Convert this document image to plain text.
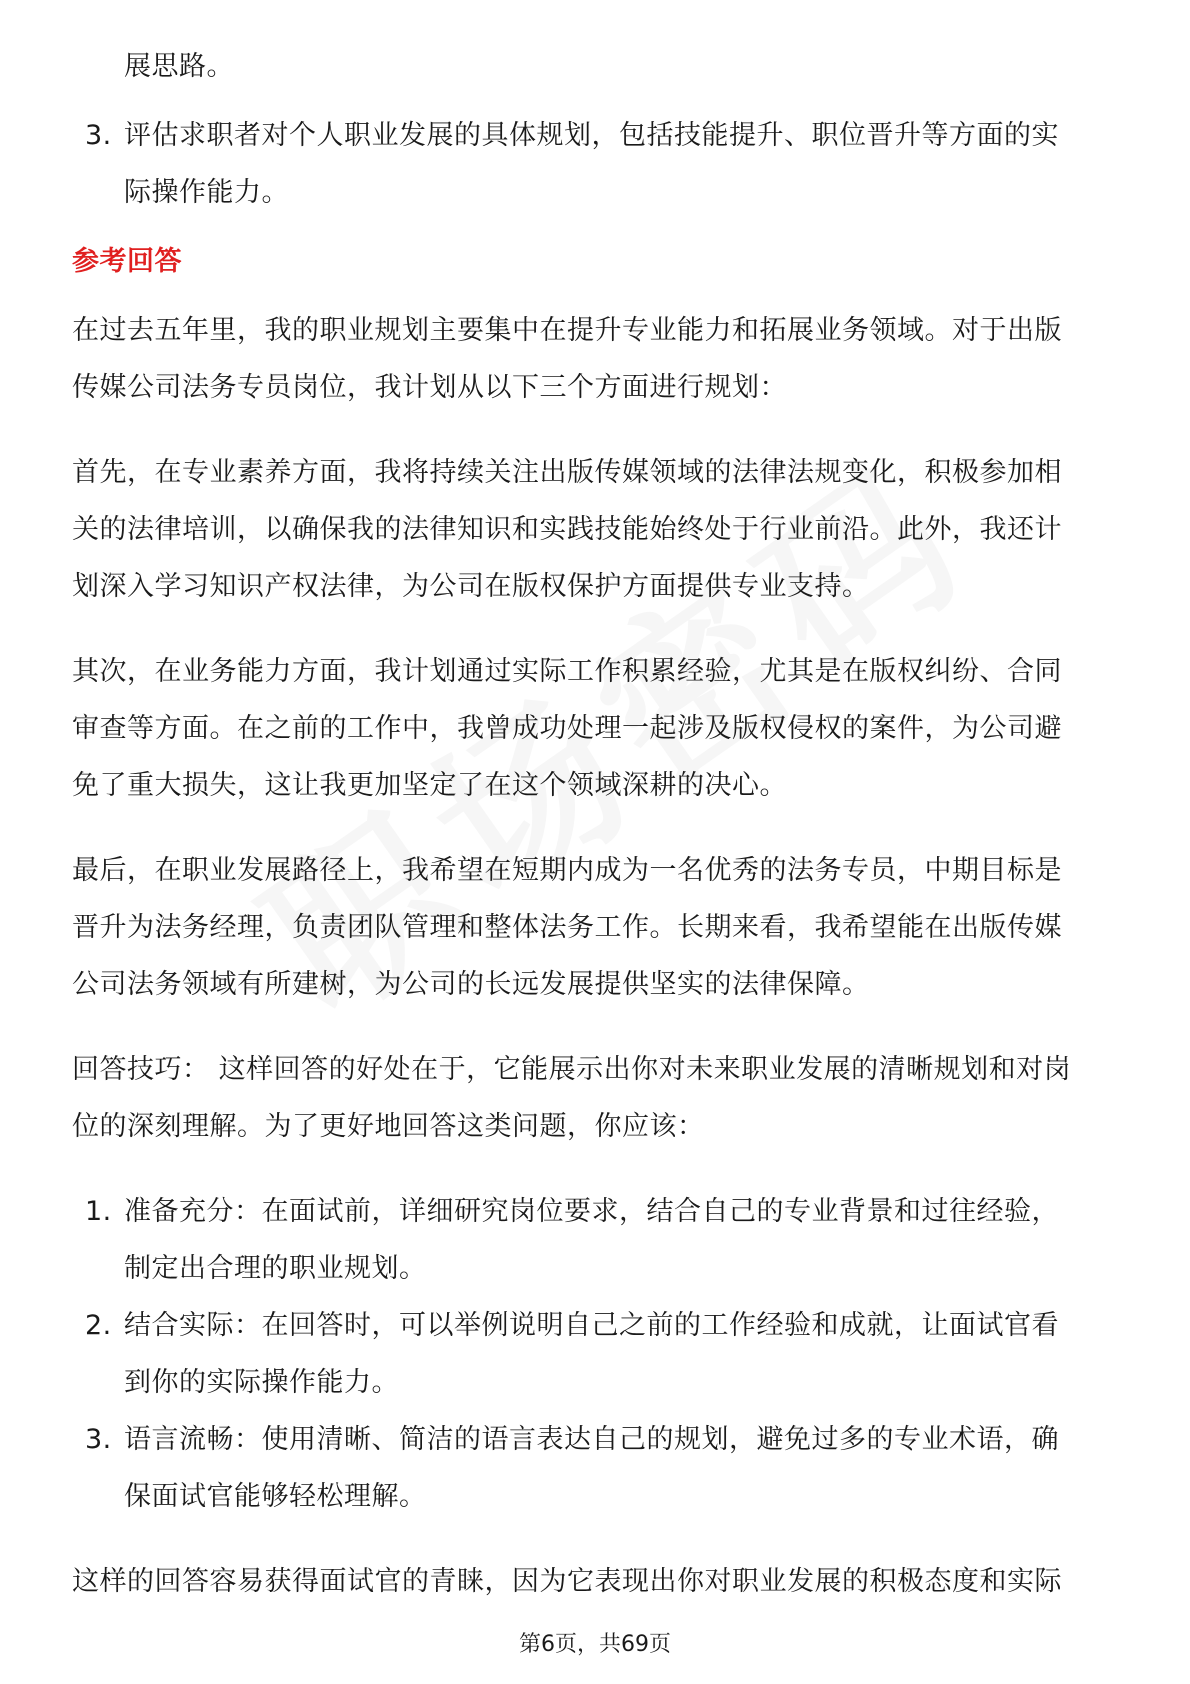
展思路。
3. 评估求职者对个人职业发展的具体规划，包括技能提升、职位晋升等方面的实
际操作能力。
参考回答
在过去五年里，我的职业规划主要集中在提升专业能力和拓展业务领域。对于出版
传媒公司法务专员岗位，我计划从以下三个方面进行规划：
首先，在专业素养方面，我将持续关注出版传媒领域的法律法规变化，积极参加相
关的法律培训，以确保我的法律知识和实践技能始终处于行业前沿。此外，我还计
划深入学习知识产权法律，为公司在版权保护方面提供专业支持。
其次，在业务能力方面，我计划通过实际工作积累经验，尤其是在版权纠纷、合同
审查等方面。在之前的工作中，我曾成功处理一起涉及版权侵权的案件，为公司避
免了重大损失，这让我更加坚定了在这个领域深耕的决心。
最后，在职业发展路径上，我希望在短期内成为一名优秀的法务专员，中期目标是
晋升为法务经理，负责团队管理和整体法务工作。长期来看，我希望能在出版传媒
公司法务领域有所建树，为公司的长远发展提供坚实的法律保障。
回答技巧： 这样回答的好处在于，它能展示出你对未来职业发展的清晰规划和对岗
位的深刻理解。为了更好地回答这类问题，你应该：
1. 准备充分：在面试前，详细研究岗位要求，结合自己的专业背景和过往经验，
制定出合理的职业规划。
2. 结合实际：在回答时，可以举例说明自己之前的工作经验和成就，让面试官看
到你的实际操作能力。
3. 语言流畅：使用清晰、简洁的语言表达自己的规划，避免过多的专业术语，确
保面试官能够轻松理解。
这样的回答容易获得面试官的青睐，因为它表现出你对职业发展的积极态度和实际
第6页，共69页
